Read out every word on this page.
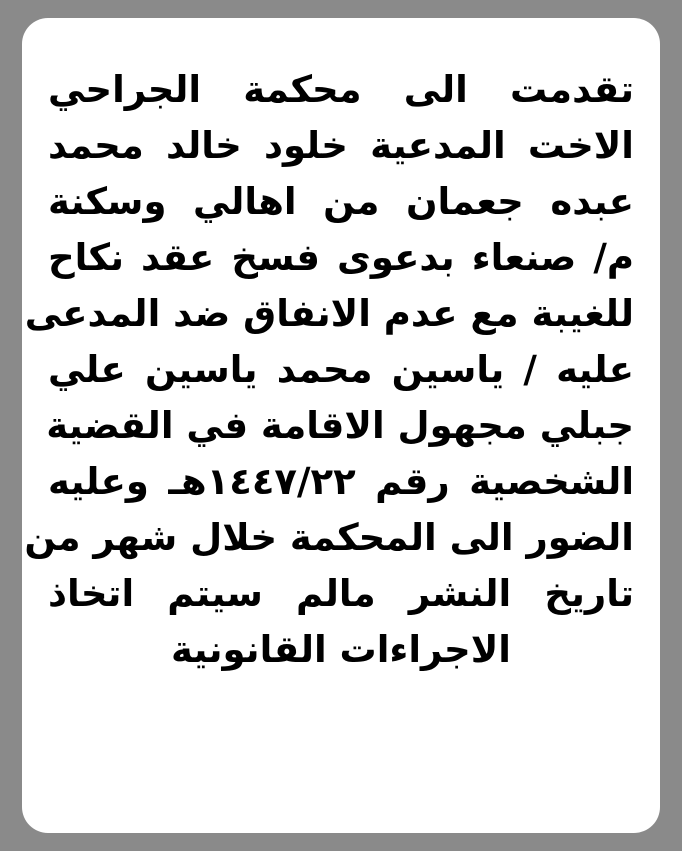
تقدمت الى محكمة الجراحي
الاخت المدعية خلود خالد محمد
عبده جعمان من اهالي وسكنة
م/ صنعاء بدعوى فسخ عقد نكاح
للغيبة مع عدم الانفاق ضد المدعى
عليه / ياسين محمد ياسين علي
جبلي مجهول الاقامة في القضية
الشخصية رقم ١٤٤٧/٢٢هـ وعليه
الضور الى المحكمة خلال شهر من
تاريخ النشر مالم سيتم اتخاذ
الاجراءات القانونية
